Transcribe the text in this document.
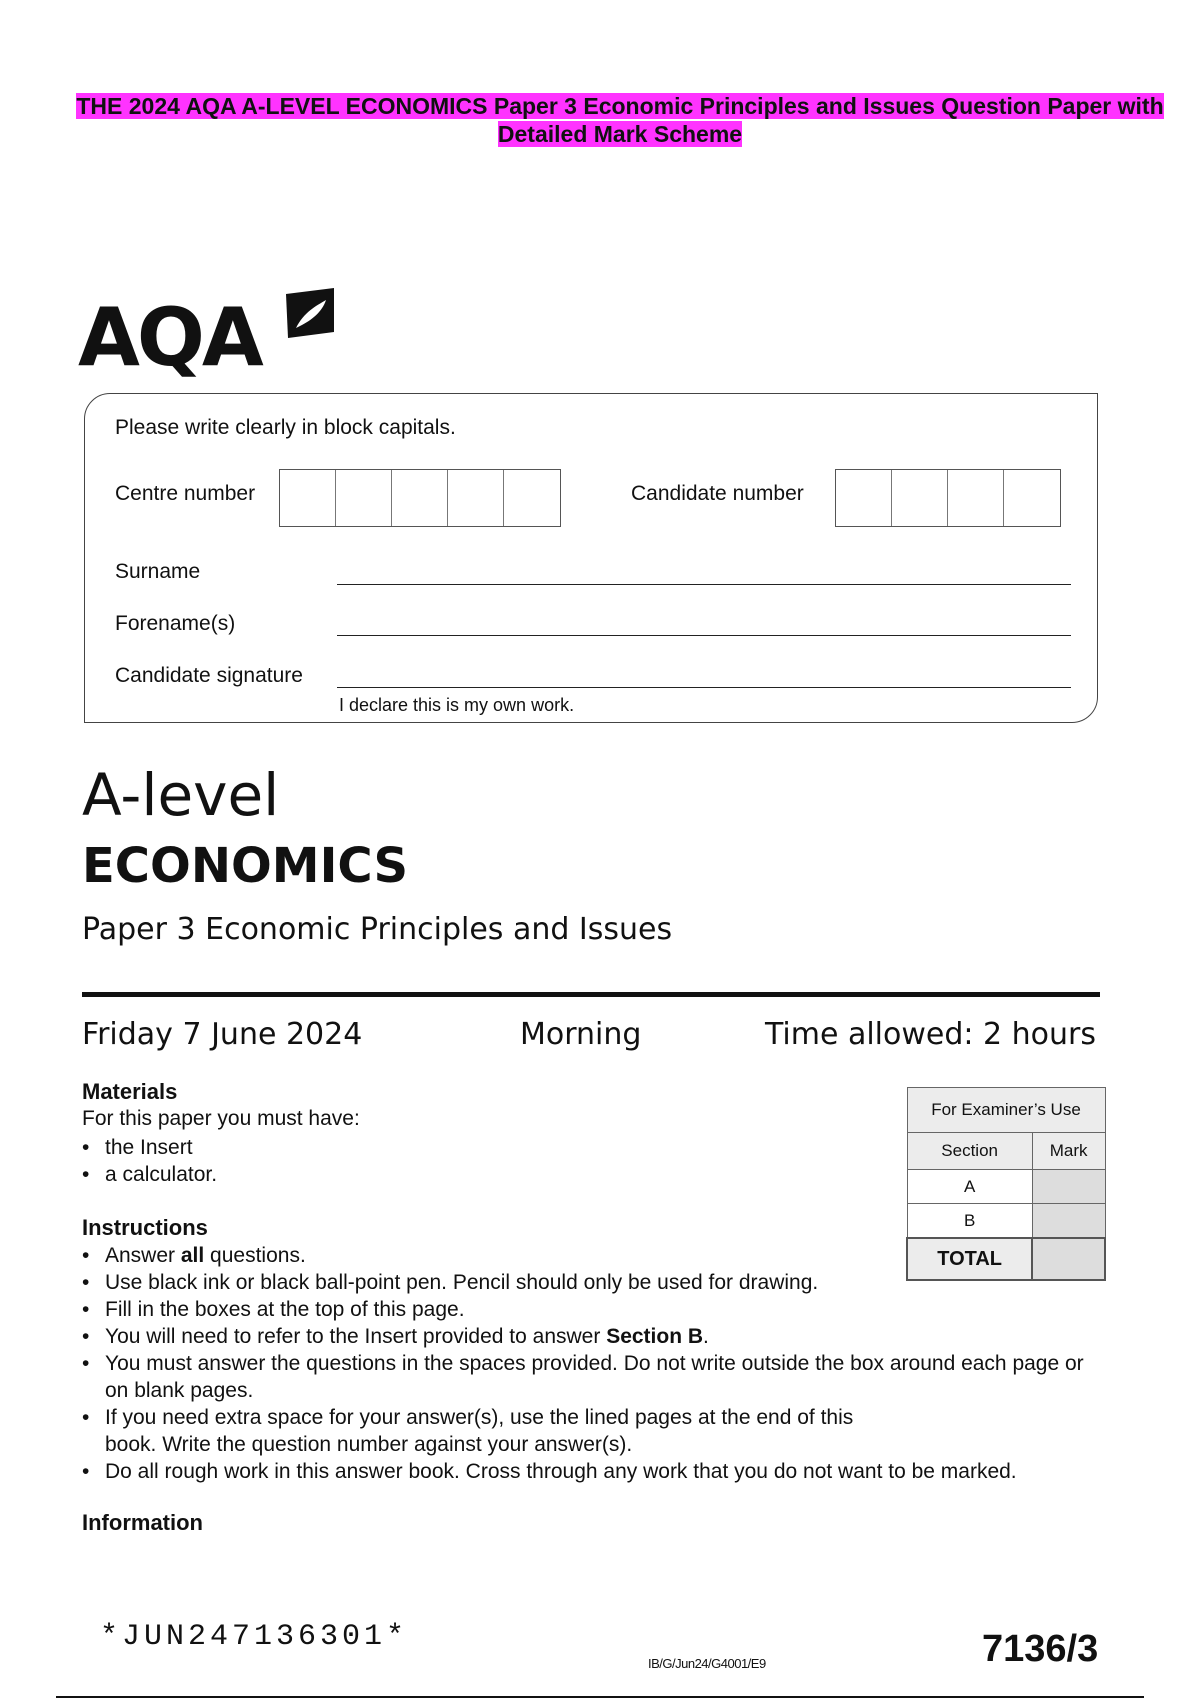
THE 2024 AQA A-LEVEL ECONOMICS Paper 3 Economic Principles and Issues Question Paper with Detailed Mark Scheme
AQA
Please write clearly in block capitals.
Centre number	Candidate number
Surname
Forename(s)
Candidate signature
I declare this is my own work.
A-level
ECONOMICS
Paper 3 Economic Principles and Issues
Friday 7 June 2024	Morning	Time allowed: 2 hours
Materials
For this paper you must have:
• the Insert
• a calculator.
For Examiner’s Use	
Section	Mark
A	
B	
TOTAL	
Instructions
• Answer all questions.
• Use black ink or black ball-point pen. Pencil should only be used for drawing.
• Fill in the boxes at the top of this page.
• You will need to refer to the Insert provided to answer Section B.
• You must answer the questions in the spaces provided. Do not write outside the box around each page or on blank pages.
• If you need extra space for your answer(s), use the lined pages at the end of this book. Write the question number against your answer(s).
• Do all rough work in this answer book. Cross through any work that you do not want to be marked.
Information
*JUN247136301*
IB/G/Jun24/G4001/E9	7136/3
